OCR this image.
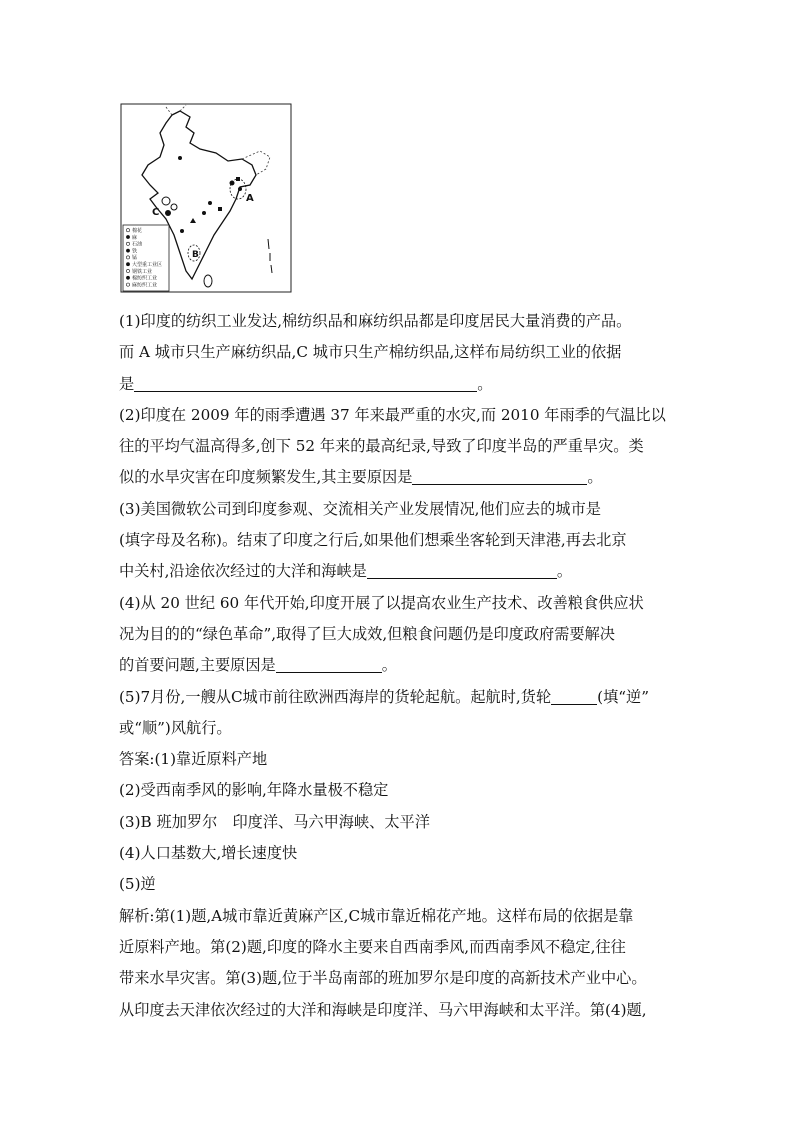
A
C
B
棉花
麻
石油
铁
锰
大型重工业区
钢铁工业
棉纺织工业
麻纺织工业
(1)印度的纺织工业发达,棉纺织品和麻纺织品都是印度居民大量消费的产品。
而 A 城市只生产麻纺织品,C 城市只生产棉纺织品,这样布局纺织工业的依据
是	。
(2)印度在 2009 年的雨季遭遇 37 年来最严重的水灾,而 2010 年雨季的气温比以
往的平均气温高得多,创下 52 年来的最高纪录,导致了印度半岛的严重旱灾。类
似的水旱灾害在印度频繁发生,其主要原因是	。
(3)美国微软公司到印度参观、交流相关产业发展情况,他们应去的城市是
(填字母及名称)。结束了印度之行后,如果他们想乘坐客轮到天津港,再去北京
中关村,沿途依次经过的大洋和海峡是	。
(4)从 20 世纪 60 年代开始,印度开展了以提高农业生产技术、改善粮食供应状
况为目的的“绿色革命”,取得了巨大成效,但粮食问题仍是印度政府需要解决
的首要问题,主要原因是	。
(5)7月份,一艘从C城市前往欧洲西海岸的货轮起航。起航时,货轮	(填“逆”
或“顺”)风航行。
答案:(1)靠近原料产地
(2)受西南季风的影响,年降水量极不稳定
(3)B 班加罗尔　印度洋、马六甲海峡、太平洋
(4)人口基数大,增长速度快
(5)逆
解析:第(1)题,A城市靠近黄麻产区,C城市靠近棉花产地。这样布局的依据是靠
近原料产地。第(2)题,印度的降水主要来自西南季风,而西南季风不稳定,往往
带来水旱灾害。第(3)题,位于半岛南部的班加罗尔是印度的高新技术产业中心。
从印度去天津依次经过的大洋和海峡是印度洋、马六甲海峡和太平洋。第(4)题,
